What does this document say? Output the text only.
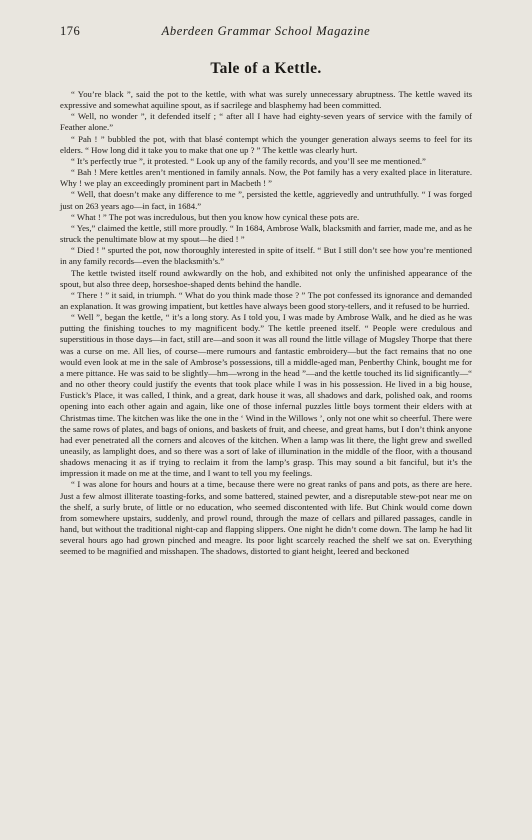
176	Aberdeen Grammar School Magazine
Tale of a Kettle.

“ You’re black ”, said the pot to the kettle, with what was surely unnecessary abruptness. The kettle waved its expressive and somewhat aquiline spout, as if sacrilege and blasphemy had been committed.

“ Well, no wonder ”, it defended itself ; “ after all I have had eighty-seven years of service with the family of Feather alone.”

“ Pah ! ” bubbled the pot, with that blasé contempt which the younger generation always seems to feel for its elders. “ How long did it take you to make that one up ? ” The kettle was clearly hurt.

“ It’s perfectly true ”, it protested. “ Look up any of the family records, and you’ll see me mentioned.”

“ Bah ! Mere kettles aren’t mentioned in family annals. Now, the Pot family has a very exalted place in literature. Why ! we play an exceedingly prominent part in Macbeth ! ”

“ Well, that doesn’t make any difference to me ”, persisted the kettle, aggrievedly and untruthfully. “ I was forged just on 263 years ago—in fact, in 1684.”

“ What ! ” The pot was incredulous, but then you know how cynical these pots are.

“ Yes,” claimed the kettle, still more proudly. “ In 1684, Ambrose Walk, blacksmith and farrier, made me, and as he struck the penultimate blow at my spout—he died ! ”

“ Died ! ” spurted the pot, now thoroughly interested in spite of itself. “ But I still don’t see how you’re mentioned in any family records—even the blacksmith’s.”

The kettle twisted itself round awkwardly on the hob, and exhibited not only the unfinished appearance of the spout, but also three deep, horseshoe-shaped dents behind the handle.

“ There ! ” it said, in triumph. “ What do you think made those ? ” The pot confessed its ignorance and demanded an explanation. It was growing impatient, but kettles have always been good story-tellers, and it refused to be hurried.

“ Well ”, began the kettle, “ it’s a long story. As I told you, I was made by Ambrose Walk, and he died as he was putting the finishing touches to my magnificent body.” The kettle preened itself. “ People were credulous and superstitious in those days—in fact, still are—and soon it was all round the little village of Mugsley Thorpe that there was a curse on me. All lies, of course—mere rumours and fantastic embroidery—but the fact remains that no one would even look at me in the sale of Ambrose’s possessions, till a middle-aged man, Penberthy Chink, bought me for a mere pittance. He was said to be slightly—hm—wrong in the head ”—and the kettle touched its lid significantly—“ and no other theory could justify the events that took place while I was in his possession. He lived in a big house, Fustick’s Place, it was called, I think, and a great, dark house it was, all shadows and dark, polished oak, and rooms opening into each other again and again, like one of those infernal puzzles little boys torment their elders with at Christmas time. The kitchen was like the one in the ‘ Wind in the Willows ’, only not one whit so cheerful. There were the same rows of plates, and bags of onions, and baskets of fruit, and cheese, and great hams, but I don’t think anyone had ever penetrated all the corners and alcoves of the kitchen. When a lamp was lit there, the light grew and swelled uneasily, as lamplight does, and so there was a sort of lake of illumination in the middle of the floor, with a thousand shadows menacing it as if trying to reclaim it from the lamp’s grasp. This may sound a bit fanciful, but it’s the impression it made on me at the time, and I want to tell you my feelings.

“ I was alone for hours and hours at a time, because there were no great ranks of pans and pots, as there are here. Just a few almost illiterate toasting-forks, and some battered, stained pewter, and a disreputable stew-pot near me on the shelf, a surly brute, of little or no education, who seemed discontented with life. But Chink would come down from somewhere upstairs, suddenly, and prowl round, through the maze of cellars and pillared passages, candle in hand, but without the traditional night-cap and flapping slippers. One night he didn’t come down. The lamp he had lit several hours ago had grown pinched and meagre. Its poor light scarcely reached the shelf we sat on. Everything seemed to be magnified and misshapen. The shadows, distorted to giant height, leered and beckoned
